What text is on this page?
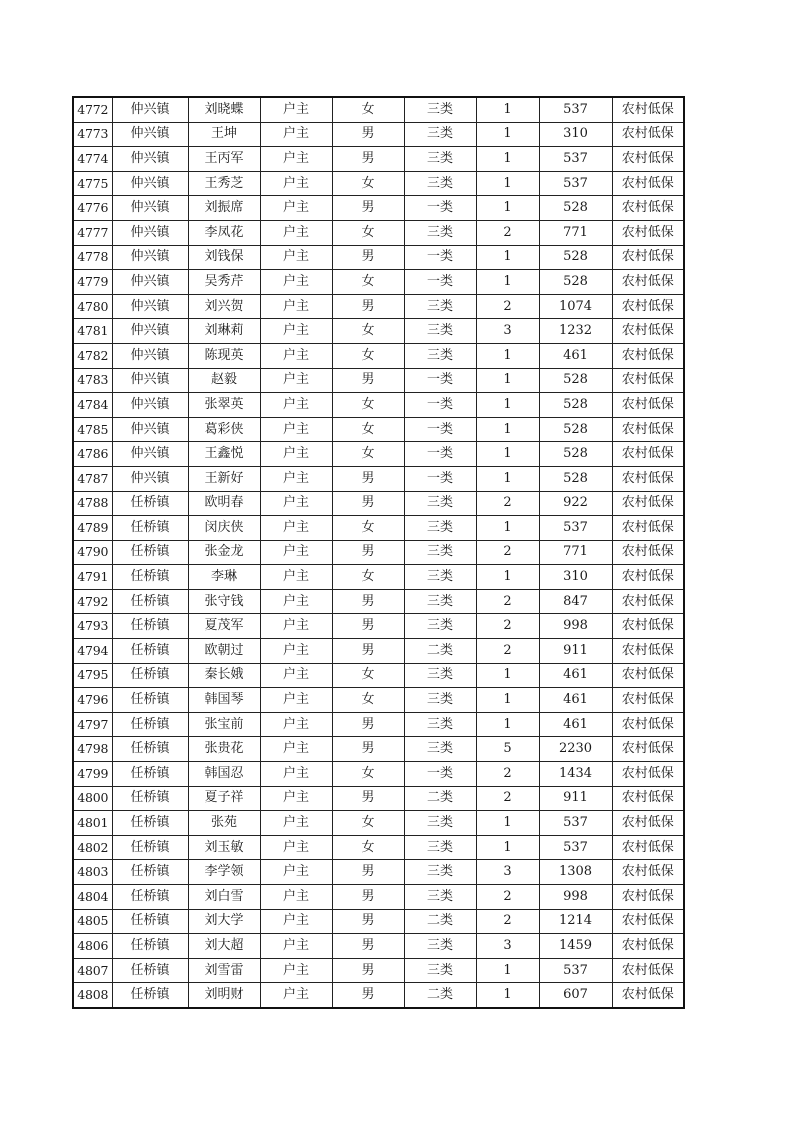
4772	仲兴镇	刘晓蝶	户主	女	三类	1	537	农村低保
4773	仲兴镇	王坤	户主	男	三类	1	310	农村低保
4774	仲兴镇	王丙军	户主	男	三类	1	537	农村低保
4775	仲兴镇	王秀芝	户主	女	三类	1	537	农村低保
4776	仲兴镇	刘振席	户主	男	一类	1	528	农村低保
4777	仲兴镇	李凤花	户主	女	三类	2	771	农村低保
4778	仲兴镇	刘钱保	户主	男	一类	1	528	农村低保
4779	仲兴镇	吴秀芹	户主	女	一类	1	528	农村低保
4780	仲兴镇	刘兴贺	户主	男	三类	2	1074	农村低保
4781	仲兴镇	刘琳莉	户主	女	三类	3	1232	农村低保
4782	仲兴镇	陈现英	户主	女	三类	1	461	农村低保
4783	仲兴镇	赵毅	户主	男	一类	1	528	农村低保
4784	仲兴镇	张翠英	户主	女	一类	1	528	农村低保
4785	仲兴镇	葛彩侠	户主	女	一类	1	528	农村低保
4786	仲兴镇	王鑫悦	户主	女	一类	1	528	农村低保
4787	仲兴镇	王新好	户主	男	一类	1	528	农村低保
4788	任桥镇	欧明春	户主	男	三类	2	922	农村低保
4789	任桥镇	闵庆侠	户主	女	三类	1	537	农村低保
4790	任桥镇	张金龙	户主	男	三类	2	771	农村低保
4791	任桥镇	李琳	户主	女	三类	1	310	农村低保
4792	任桥镇	张守钱	户主	男	三类	2	847	农村低保
4793	任桥镇	夏茂军	户主	男	三类	2	998	农村低保
4794	任桥镇	欧朝过	户主	男	二类	2	911	农村低保
4795	任桥镇	秦长娥	户主	女	三类	1	461	农村低保
4796	任桥镇	韩国琴	户主	女	三类	1	461	农村低保
4797	任桥镇	张宝前	户主	男	三类	1	461	农村低保
4798	任桥镇	张贵花	户主	男	三类	5	2230	农村低保
4799	任桥镇	韩国忍	户主	女	一类	2	1434	农村低保
4800	任桥镇	夏子祥	户主	男	二类	2	911	农村低保
4801	任桥镇	张苑	户主	女	三类	1	537	农村低保
4802	任桥镇	刘玉敏	户主	女	三类	1	537	农村低保
4803	任桥镇	李学领	户主	男	三类	3	1308	农村低保
4804	任桥镇	刘白雪	户主	男	三类	2	998	农村低保
4805	任桥镇	刘大学	户主	男	二类	2	1214	农村低保
4806	任桥镇	刘大超	户主	男	三类	3	1459	农村低保
4807	任桥镇	刘雪雷	户主	男	三类	1	537	农村低保
4808	任桥镇	刘明财	户主	男	二类	1	607	农村低保
